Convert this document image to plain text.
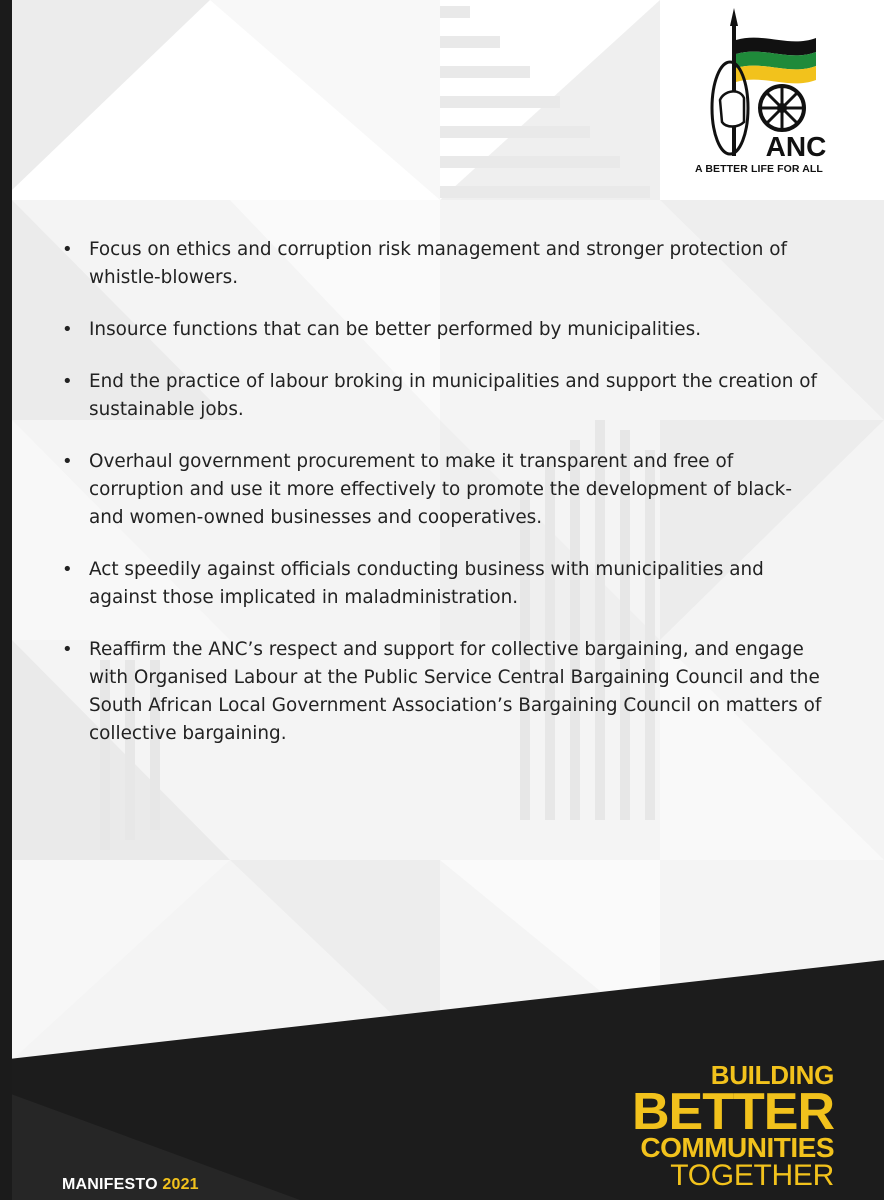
ANC
A BETTER LIFE FOR ALL
• Focus on ethics and corruption risk management and stronger protection of whistle-blowers.
• Insource functions that can be better performed by municipalities.
• End the practice of labour broking in municipalities and support the creation of sustainable jobs.
• Overhaul government procurement to make it transparent and free of corruption and use it more effectively to promote the development of black- and women-owned businesses and cooperatives.
• Act speedily against officials conducting business with municipalities and against those implicated in maladministration.
• Reaffirm the ANC’s respect and support for collective bargaining, and engage with Organised Labour at the Public Service Central Bargaining Council and the South African Local Government Association’s Bargaining Council on matters of collective bargaining.
MANIFESTO 2021
BUILDING
BETTER
COMMUNITIES
TOGETHER
